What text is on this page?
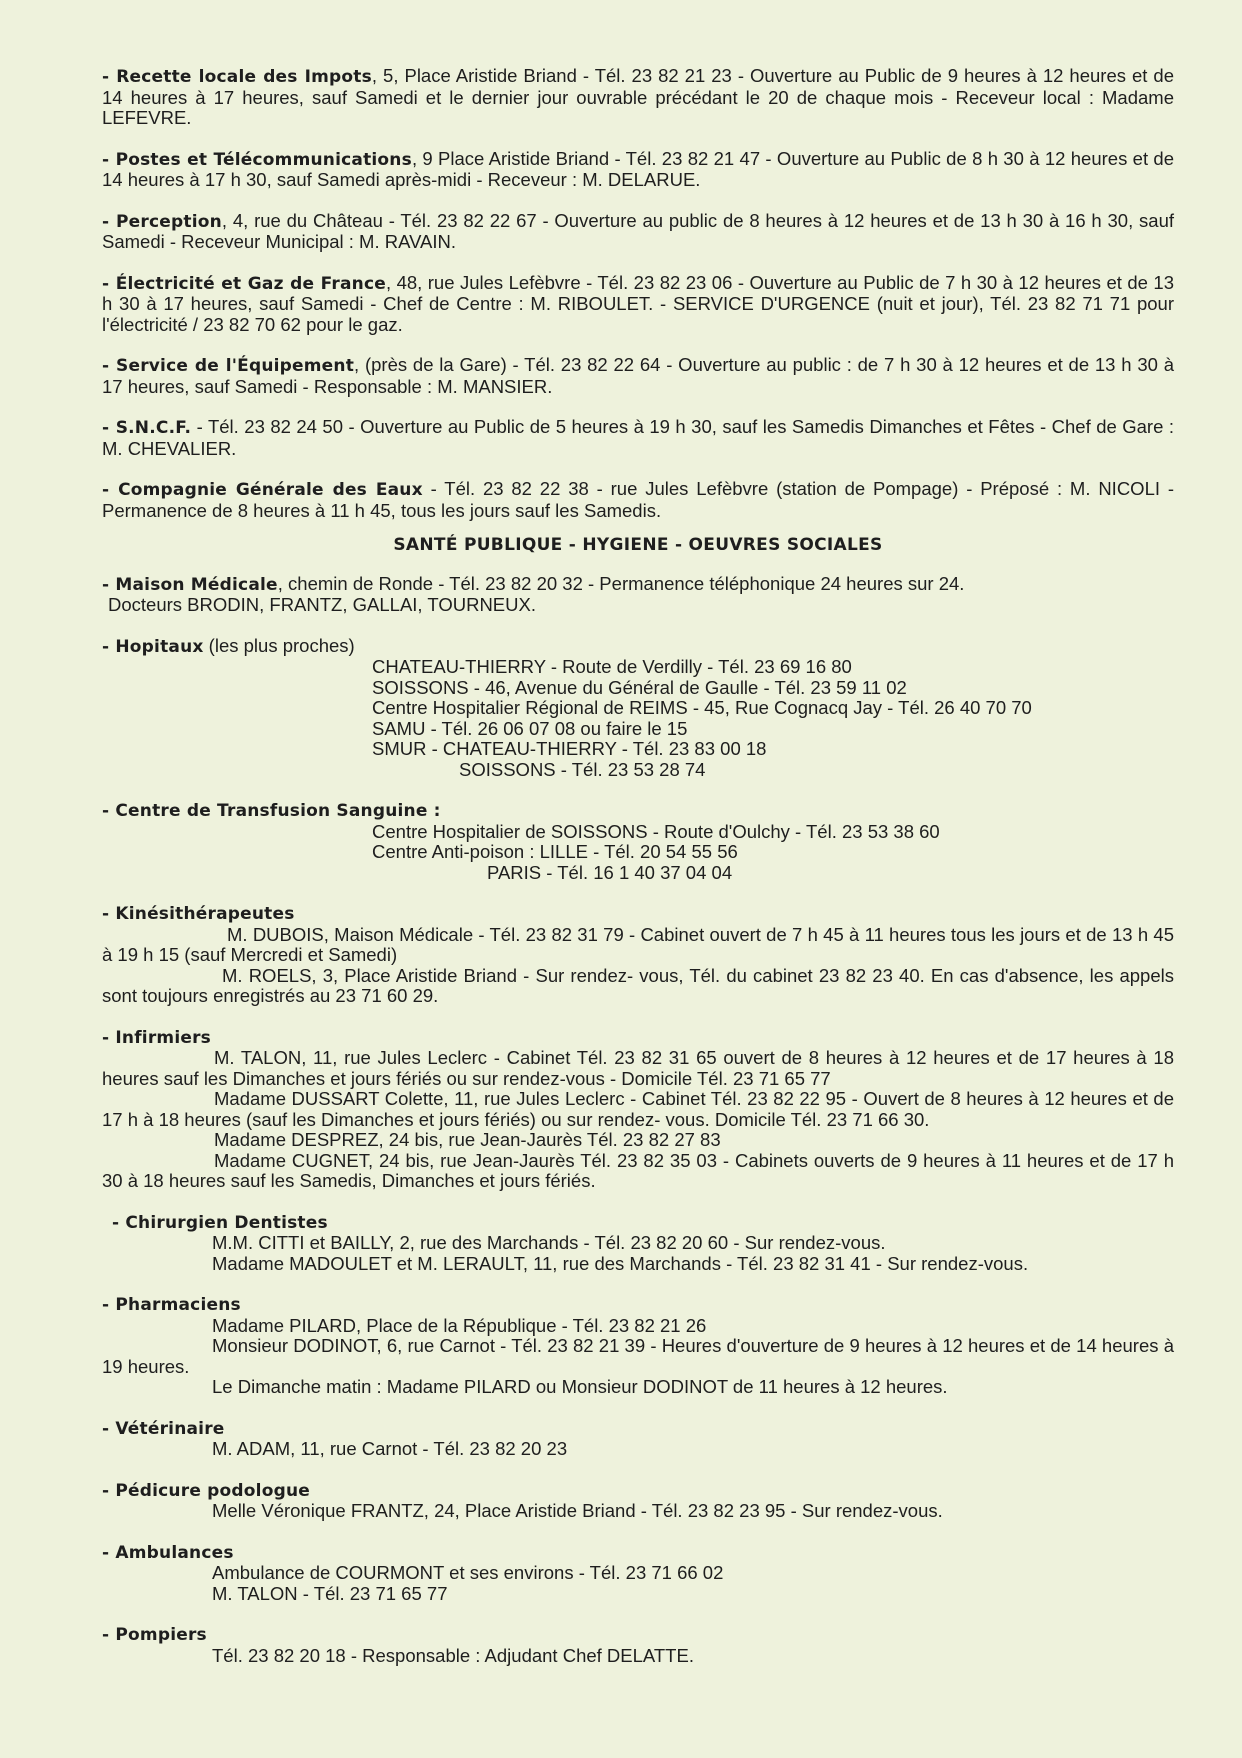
- Recette locale des Impots, 5, Place Aristide Briand - Tél. 23 82 21 23 - Ouverture au Public de 9 heures à 12 heures et de 14 heures à 17 heures, sauf Samedi et le dernier jour ouvrable précédant le 20 de chaque mois - Receveur local : Madame LEFEVRE.

- Postes et Télécommunications, 9 Place Aristide Briand - Tél. 23 82 21 47 - Ouverture au Public de 8 h 30 à 12 heures et de 14 heures à 17 h 30, sauf Samedi après-midi - Receveur : M. DELARUE.

- Perception, 4, rue du Château - Tél. 23 82 22 67 - Ouverture au public de 8 heures à 12 heures et de 13 h 30 à 16 h 30, sauf Samedi - Receveur Municipal : M. RAVAIN.

- Électricité et Gaz de France, 48, rue Jules Lefèbvre - Tél. 23 82 23 06 - Ouverture au Public de 7 h 30 à 12 heures et de 13 h 30 à 17 heures, sauf Samedi - Chef de Centre : M. RIBOULET. - SERVICE D'URGENCE (nuit et jour), Tél. 23 82 71 71 pour l'électricité / 23 82 70 62 pour le gaz.

- Service de l'Équipement, (près de la Gare) - Tél. 23 82 22 64 - Ouverture au public : de 7 h 30 à 12 heures et de 13 h 30 à 17 heures, sauf Samedi - Responsable : M. MANSIER.

- S.N.C.F. - Tél. 23 82 24 50 - Ouverture au Public de 5 heures à 19 h 30, sauf les Samedis Dimanches et Fêtes - Chef de Gare : M. CHEVALIER.

- Compagnie Générale des Eaux - Tél. 23 82 22 38 - rue Jules Lefèbvre (station de Pompage) - Préposé : M. NICOLI - Permanence de 8 heures à 11 h 45, tous les jours sauf les Samedis.

SANTÉ PUBLIQUE - HYGIENE - OEUVRES SOCIALES

- Maison Médicale, chemin de Ronde - Tél. 23 82 20 32 - Permanence téléphonique 24 heures sur 24.

Docteurs BRODIN, FRANTZ, GALLAI, TOURNEUX.

- Hopitaux (les plus proches)

CHATEAU-THIERRY - Route de Verdilly - Tél. 23 69 16 80

SOISSONS - 46, Avenue du Général de Gaulle - Tél. 23 59 11 02

Centre Hospitalier Régional de REIMS - 45, Rue Cognacq Jay - Tél. 26 40 70 70

SAMU - Tél. 26 06 07 08 ou faire le 15

SMUR - CHATEAU-THIERRY - Tél. 23 83 00 18

SOISSONS - Tél. 23 53 28 74

- Centre de Transfusion Sanguine :

Centre Hospitalier de SOISSONS - Route d'Oulchy - Tél. 23 53 38 60

Centre Anti-poison : LILLE - Tél. 20 54 55 56

PARIS - Tél. 16 1 40 37 04 04

- Kinésithérapeutes

M. DUBOIS, Maison Médicale - Tél. 23 82 31 79 - Cabinet ouvert de 7 h 45 à 11 heures tous les jours et de 13 h 45 à 19 h 15 (sauf Mercredi et Samedi)

M. ROELS, 3, Place Aristide Briand - Sur rendez- vous, Tél. du cabinet 23 82 23 40. En cas d'absence, les appels sont toujours enregistrés au 23 71 60 29.

- Infirmiers

M. TALON, 11, rue Jules Leclerc - Cabinet Tél. 23 82 31 65 ouvert de 8 heures à 12 heures et de 17 heures à 18 heures sauf les Dimanches et jours fériés ou sur rendez-vous - Domicile Tél. 23 71 65 77

Madame DUSSART Colette, 11, rue Jules Leclerc - Cabinet Tél. 23 82 22 95 - Ouvert de 8 heures à 12 heures et de 17 h à 18 heures (sauf les Dimanches et jours fériés) ou sur rendez- vous. Domicile Tél. 23 71 66 30.

Madame DESPREZ, 24 bis, rue Jean-Jaurès Tél. 23 82 27 83

Madame CUGNET, 24 bis, rue Jean-Jaurès Tél. 23 82 35 03 - Cabinets ouverts de 9 heures à 11 heures et de 17 h 30 à 18 heures sauf les Samedis, Dimanches et jours fériés.

- Chirurgien Dentistes

M.M. CITTI et BAILLY, 2, rue des Marchands - Tél. 23 82 20 60 - Sur rendez-vous.

Madame MADOULET et M. LERAULT, 11, rue des Marchands - Tél. 23 82 31 41 - Sur rendez-vous.

- Pharmaciens

Madame PILARD, Place de la République - Tél. 23 82 21 26

Monsieur DODINOT, 6, rue Carnot - Tél. 23 82 21 39 - Heures d'ouverture de 9 heures à 12 heures et de 14 heures à 19 heures.

Le Dimanche matin : Madame PILARD ou Monsieur DODINOT de 11 heures à 12 heures.

- Vétérinaire

M. ADAM, 11, rue Carnot - Tél. 23 82 20 23

- Pédicure podologue

Melle Véronique FRANTZ, 24, Place Aristide Briand - Tél. 23 82 23 95 - Sur rendez-vous.

- Ambulances

Ambulance de COURMONT et ses environs - Tél. 23 71 66 02

M. TALON - Tél. 23 71 65 77

- Pompiers

Tél. 23 82 20 18 - Responsable : Adjudant Chef DELATTE.
